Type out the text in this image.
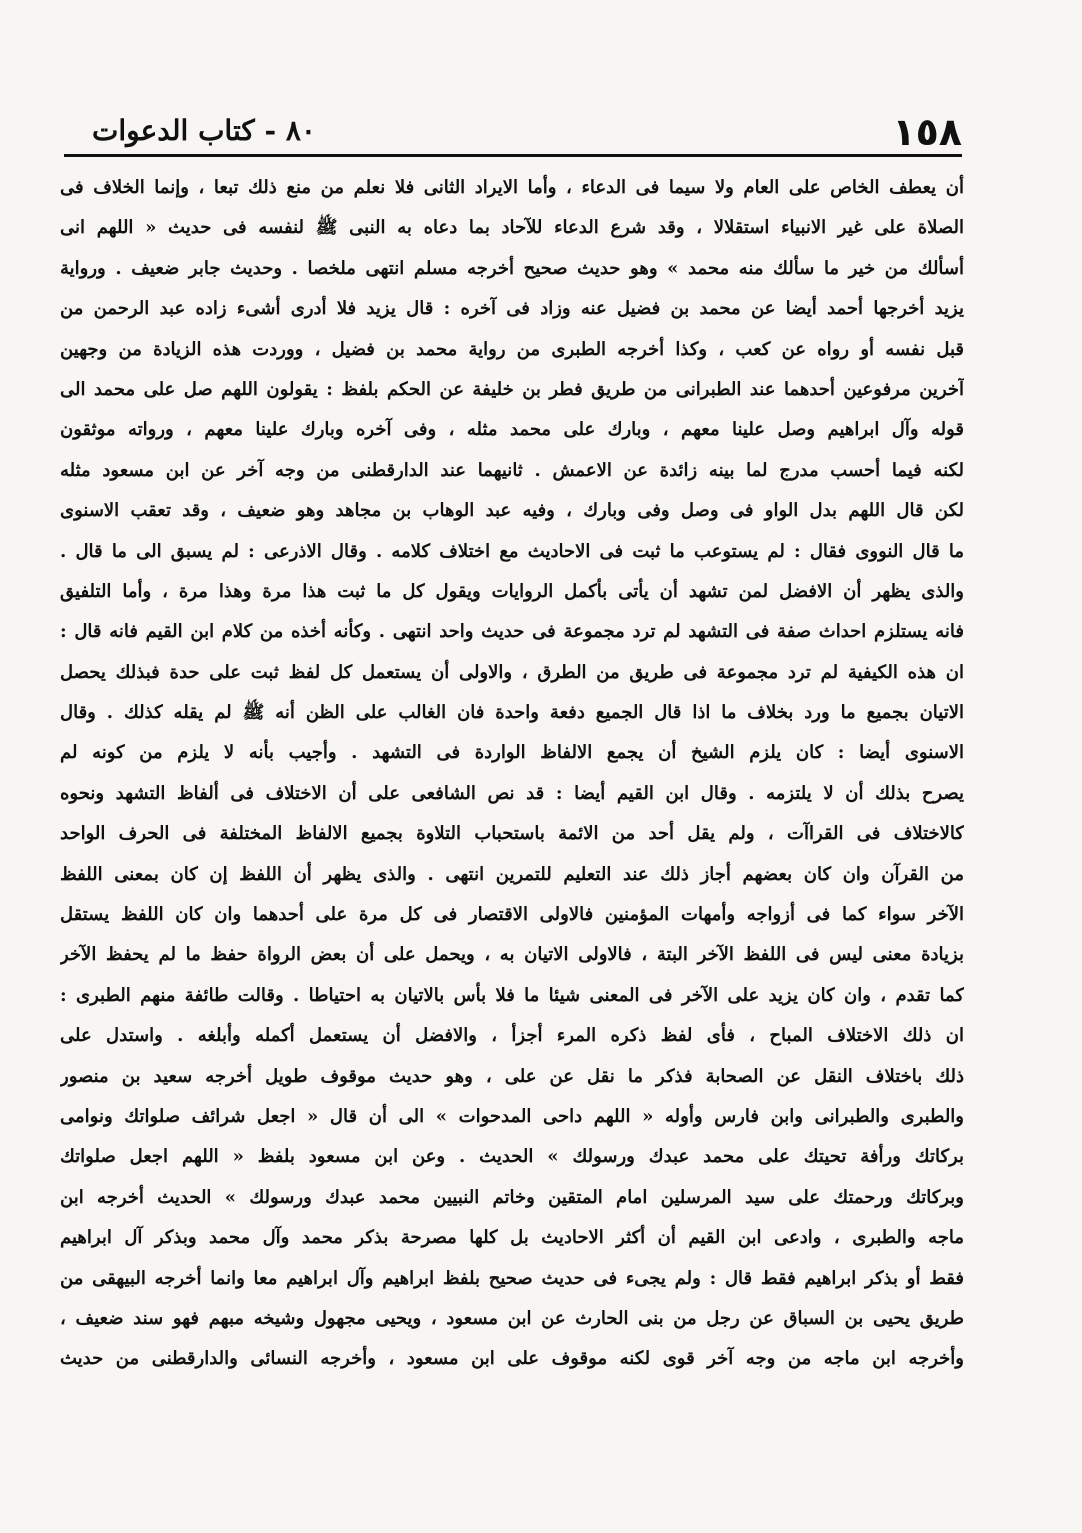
١٥٨
٨٠ - كتاب الدعوات
أن يعطف الخاص على العام ولا سيما فى الدعاء ، وأما الايراد الثانى فلا نعلم من منع ذلك تبعا ، وإنما الخلاف فى
الصلاة على غير الانبياء استقلالا ، وقد شرع الدعاء للآحاد بما دعاه به النبى ﷺ لنفسه فى حديث « اللهم انى
أسألك من خير ما سألك منه محمد » وهو حديث صحيح أخرجه مسلم انتهى ملخصا . وحديث جابر ضعيف . ورواية
يزيد أخرجها أحمد أيضا عن محمد بن فضيل عنه وزاد فى آخره : قال يزيد فلا أدرى أشىء زاده عبد الرحمن من
قبل نفسه أو رواه عن كعب ، وكذا أخرجه الطبرى من رواية محمد بن فضيل ، ووردت هذه الزيادة من وجهين
آخرين مرفوعين أحدهما عند الطبرانى من طريق فطر بن خليفة عن الحكم بلفظ : يقولون اللهم صل على محمد الى
قوله وآل ابراهيم وصل علينا معهم ، وبارك على محمد مثله ، وفى آخره وبارك علينا معهم ، ورواته موثقون
لكنه فيما أحسب مدرج لما بينه زائدة عن الاعمش . ثانيهما عند الدارقطنى من وجه آخر عن ابن مسعود مثله
لكن قال اللهم بدل الواو فى وصل وفى وبارك ، وفيه عبد الوهاب بن مجاهد وهو ضعيف ، وقد تعقب الاسنوى
ما قال النووى فقال : لم يستوعب ما ثبت فى الاحاديث مع اختلاف كلامه . وقال الاذرعى : لم يسبق الى ما قال .
والذى يظهر أن الافضل لمن تشهد أن يأتى بأكمل الروايات ويقول كل ما ثبت هذا مرة وهذا مرة ، وأما التلفيق
فانه يستلزم احداث صفة فى التشهد لم ترد مجموعة فى حديث واحد انتهى . وكأنه أخذه من كلام ابن القيم فانه قال :
ان هذه الكيفية لم ترد مجموعة فى طريق من الطرق ، والاولى أن يستعمل كل لفظ ثبت على حدة فبذلك يحصل
الاتيان بجميع ما ورد بخلاف ما اذا قال الجميع دفعة واحدة فان الغالب على الظن أنه ﷺ لم يقله كذلك . وقال
الاسنوى أيضا : كان يلزم الشيخ أن يجمع الالفاظ الواردة فى التشهد . وأجيب بأنه لا يلزم من كونه لم
يصرح بذلك أن لا يلتزمه . وقال ابن القيم أيضا : قد نص الشافعى على أن الاختلاف فى ألفاظ التشهد ونحوه
كالاختلاف فى القراآت ، ولم يقل أحد من الائمة باستحباب التلاوة بجميع الالفاظ المختلفة فى الحرف الواحد
من القرآن وان كان بعضهم أجاز ذلك عند التعليم للتمرين انتهى . والذى يظهر أن اللفظ إن كان بمعنى اللفظ
الآخر سواء كما فى أزواجه وأمهات المؤمنين فالاولى الاقتصار فى كل مرة على أحدهما وان كان اللفظ يستقل
بزيادة معنى ليس فى اللفظ الآخر البتة ، فالاولى الاتيان به ، ويحمل على أن بعض الرواة حفظ ما لم يحفظ الآخر
كما تقدم ، وان كان يزيد على الآخر فى المعنى شيئا ما فلا بأس بالاتيان به احتياطا . وقالت طائفة منهم الطبرى :
ان ذلك الاختلاف المباح ، فأى لفظ ذكره المرء أجزأ ، والافضل أن يستعمل أكمله وأبلغه . واستدل على
ذلك باختلاف النقل عن الصحابة فذكر ما نقل عن على ، وهو حديث موقوف طويل أخرجه سعيد بن منصور
والطبرى والطبرانى وابن فارس وأوله « اللهم داحى المدحوات » الى أن قال « اجعل شرائف صلواتك ونوامى
بركاتك ورأفة تحيتك على محمد عبدك ورسولك » الحديث . وعن ابن مسعود بلفظ « اللهم اجعل صلواتك
وبركاتك ورحمتك على سيد المرسلين امام المتقين وخاتم النبيين محمد عبدك ورسولك » الحديث أخرجه ابن
ماجه والطبرى ، وادعى ابن القيم أن أكثر الاحاديث بل كلها مصرحة بذكر محمد وآل محمد وبذكر آل ابراهيم
فقط أو بذكر ابراهيم فقط قال : ولم يجىء فى حديث صحيح بلفظ ابراهيم وآل ابراهيم معا وانما أخرجه البيهقى من
طريق يحيى بن السباق عن رجل من بنى الحارث عن ابن مسعود ، ويحيى مجهول وشيخه مبهم فهو سند ضعيف ،
وأخرجه ابن ماجه من وجه آخر قوى لكنه موقوف على ابن مسعود ، وأخرجه النسائى والدارقطنى من حديث
